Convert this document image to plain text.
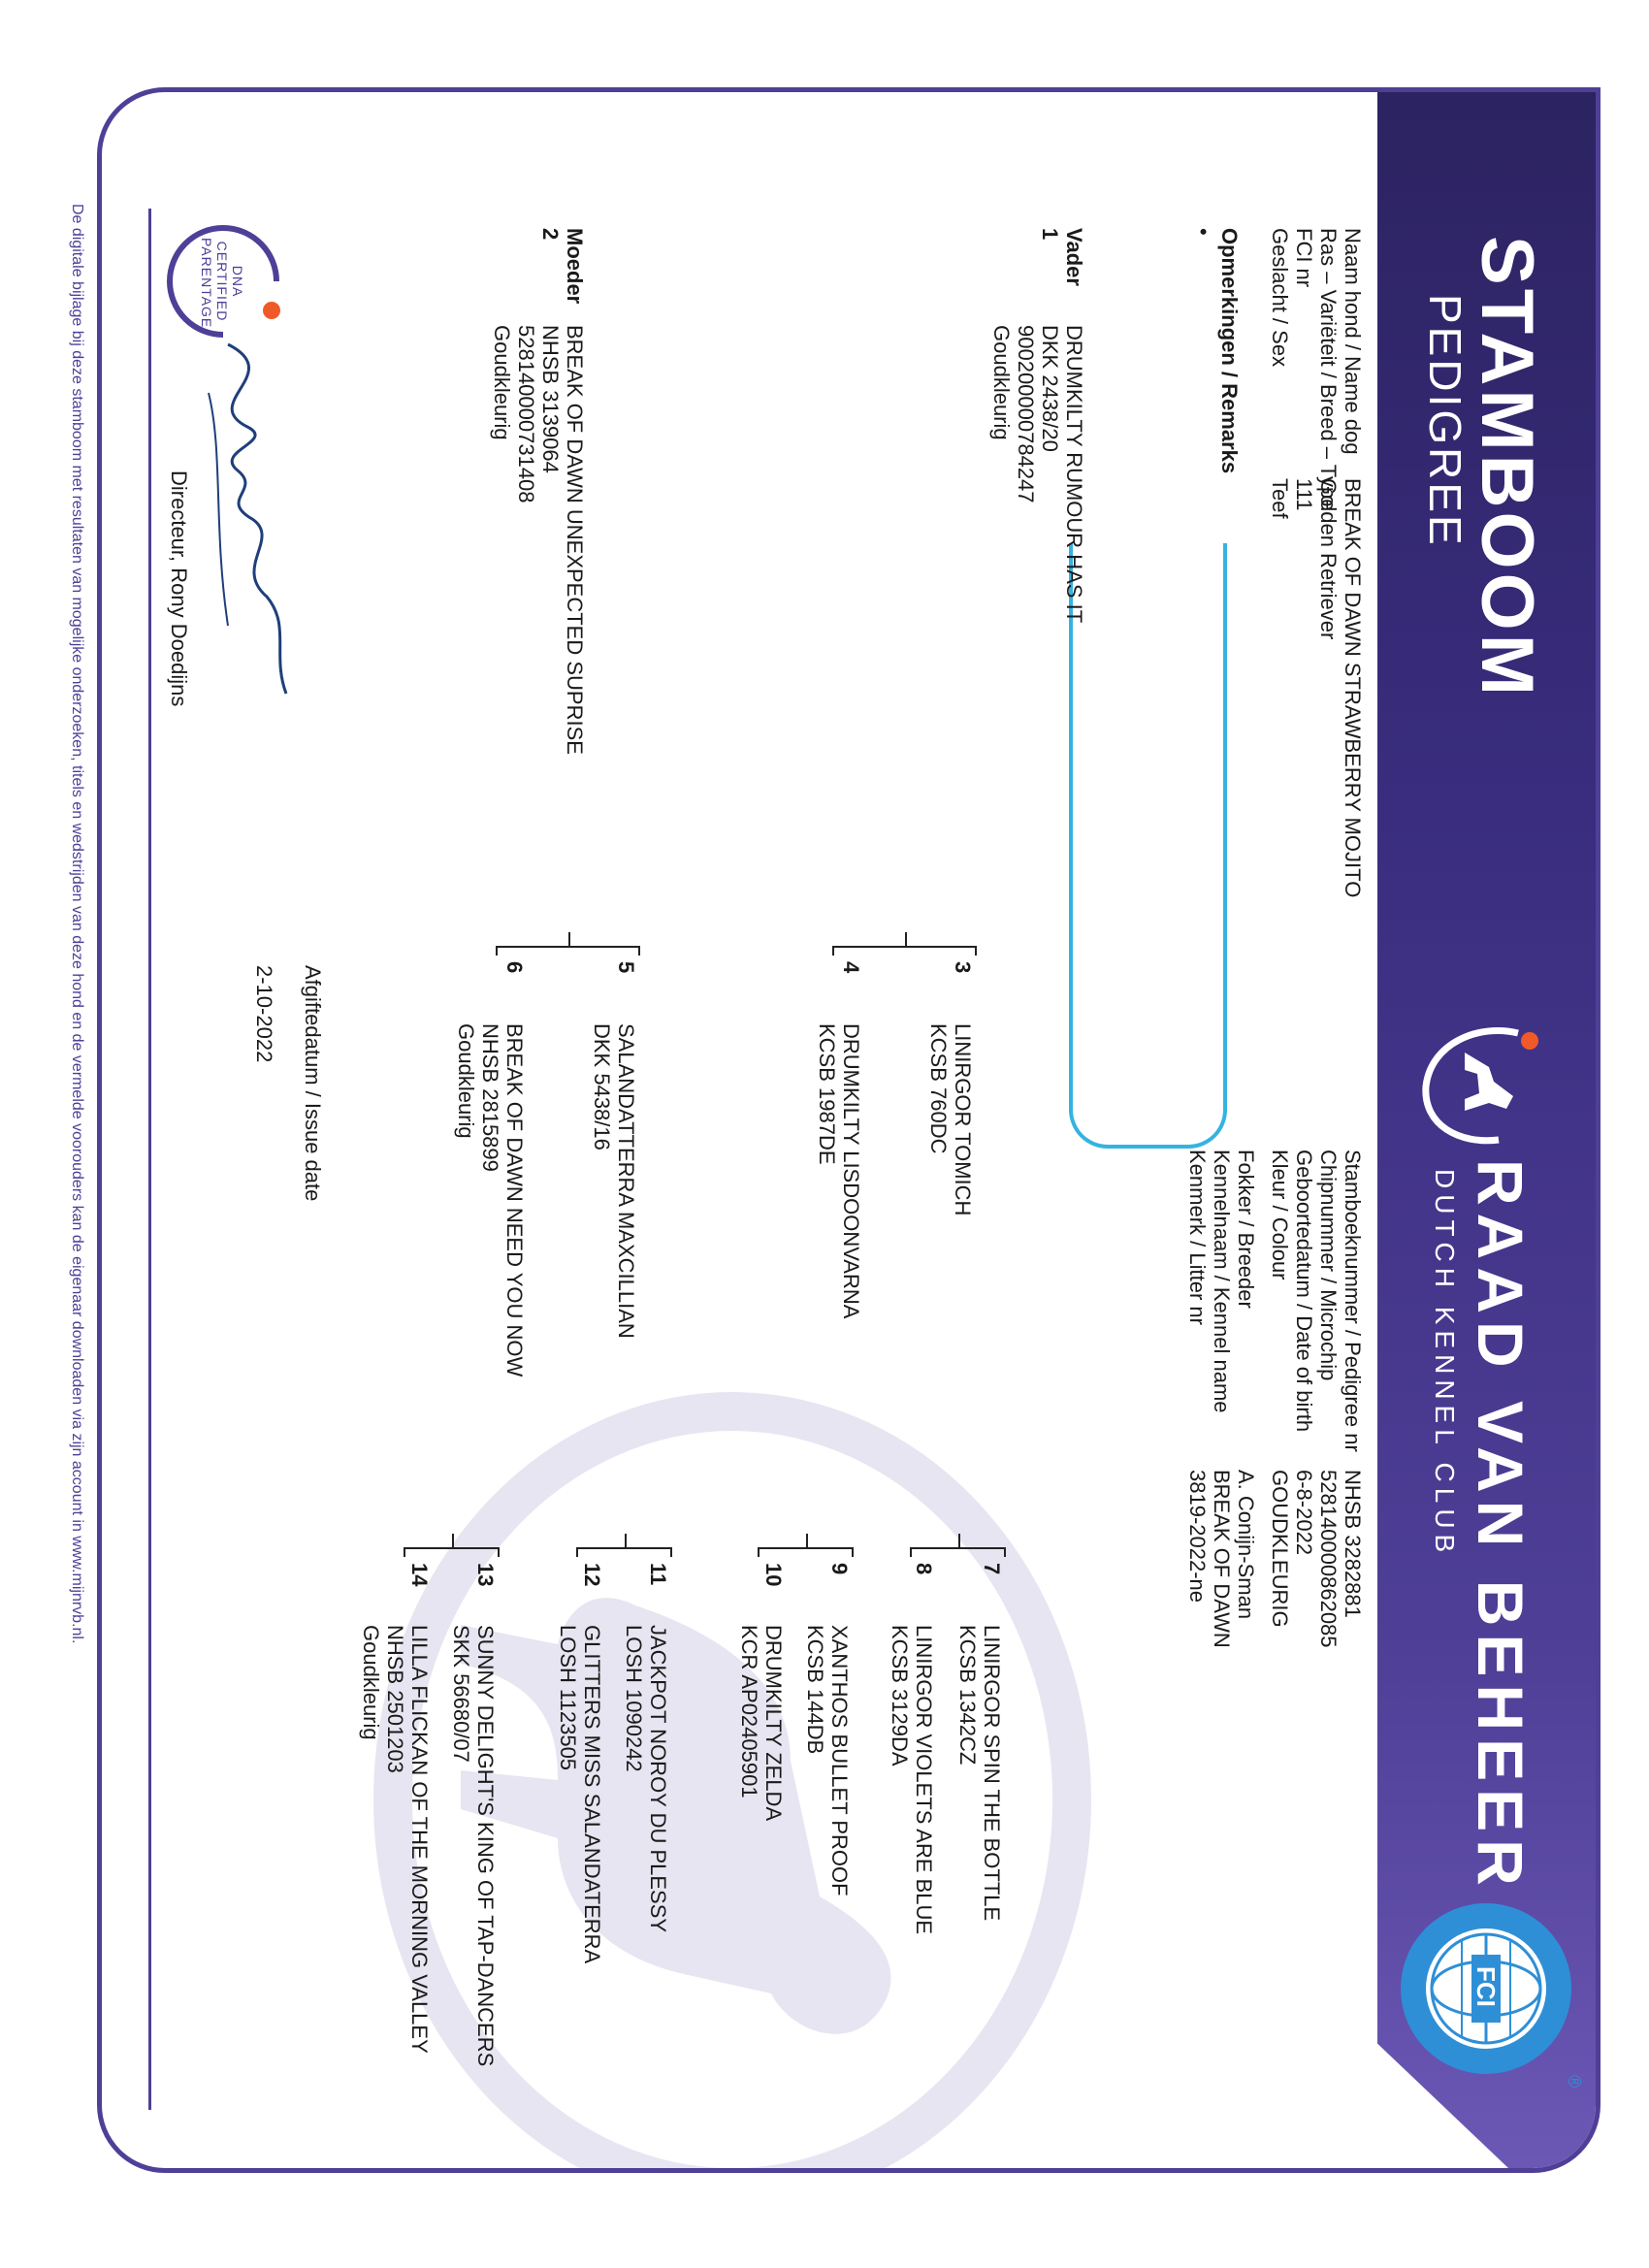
STAMBOOM
PEDIGREE
RAAD VAN BEHEER
DUTCH KENNEL CLUB
FCI
®
Naam hond / Name dog
Ras – Variëteit / Breed – Type
FCI nr
Geslacht / Sex
BREAK OF DAWN STRAWBERRY MOJITO
Golden Retriever
111
Teef
Stamboeknummer / Pedigree nr
Chipnummer / Microchip
Geboortedatum / Date of birth
Kleur / Colour
NHSB 3282881
528140000862085
6-8-2022
GOUDKLEURIG
Fokker / Breeder
Kennelnaam / Kennel name
Kenmerk / Litter nr
A. Conijn-Sman
BREAK OF DAWN
3819-2022-ne
Opmerkingen / Remarks
•
Vader
1
DRUMKILTY RUMOUR HAS IT
DKK 2438/20
900200000784247
Goudkleurig
Moeder
2
BREAK OF DAWN UNEXPECTED SUPRISE
NHSB 3139064
528140000731408
Goudkleurig
3
LINIRGOR TOMICH
KCSB 760DC
4
DRUMKILTY LISDOONVARNA
KCSB 1987DE
5
SALANDATTERRA MAXCILLIAN
DKK 5438/16
6
BREAK OF DAWN NEED YOU NOW
NHSB 2815899
Goudkleurig
7
LINIRGOR SPIN THE BOTTLE
KCSB 1342CZ
8
LINIRGOR VIOLETS ARE BLUE
KCSB 3129DA
9
XANTHOS BULLET PROOF
KCSB 144DB
10
DRUMKILTY ZELDA
KCR AP02405901
11
JACKPOT NOROY DU PLESSY
LOSH 1090242
12
GLITTERS MISS SALANDATERRA
LOSH 1123505
13
SUNNY DELIGHT'S KING OF TAP-DANCERS
SKK 56680/07
14
LILLA FLICKAN OF THE MORNING VALLEY
NHSB 2501203
Goudkleurig
Afgiftedatum / Issue date
2-10-2022
Directeur, Rony Doedijns
DNA
CERTIFIED
PARENTAGE
De digitale bijlage bij deze stamboom met resultaten van mogelijke onderzoeken, titels en wedstrijden van deze hond en de vermelde voorouders kan de eigenaar downloaden via zijn account in www.mijnrvb.nl.
